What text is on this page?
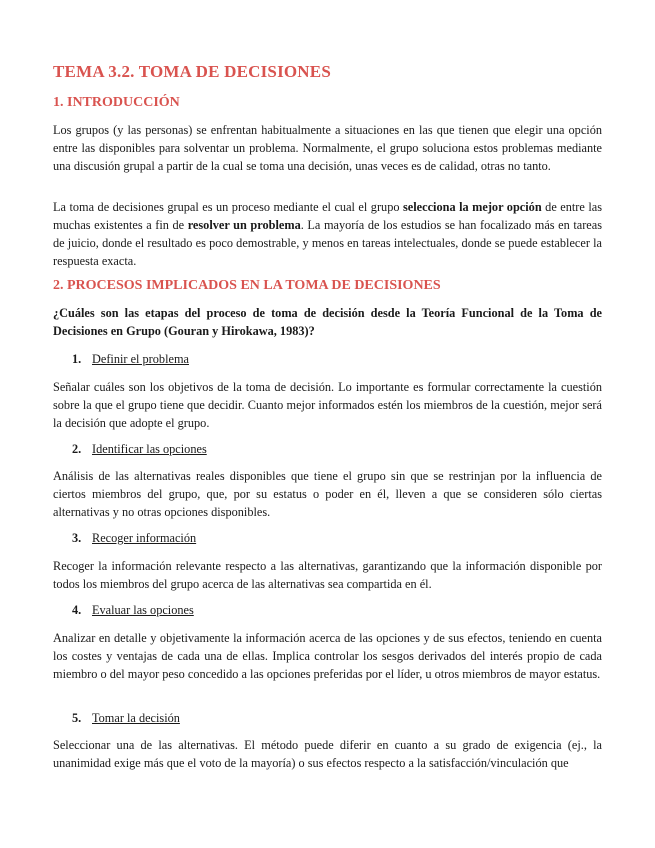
TEMA 3.2. TOMA DE DECISIONES
1. INTRODUCCIÓN

Los grupos (y las personas) se enfrentan habitualmente a situaciones en las que tienen que elegir una opción entre las disponibles para solventar un problema. Normalmente, el grupo soluciona estos problemas mediante una discusión grupal a partir de la cual se toma una decisión, unas veces es de calidad, otras no tanto.

La toma de decisiones grupal es un proceso mediante el cual el grupo selecciona la mejor opción de entre las muchas existentes a fin de resolver un problema. La mayoría de los estudios se han focalizado más en tareas de juicio, donde el resultado es poco demostrable, y menos en tareas intelectuales, donde se puede establecer la respuesta exacta.

2. PROCESOS IMPLICADOS EN LA TOMA DE DECISIONES

¿Cuáles son las etapas del proceso de toma de decisión desde la Teoría Funcional de la Toma de Decisiones en Grupo (Gouran y Hirokawa, 1983)?

1. Definir el problema

Señalar cuáles son los objetivos de la toma de decisión. Lo importante es formular correctamente la cuestión sobre la que el grupo tiene que decidir. Cuanto mejor informados estén los miembros de la cuestión, mejor será la decisión que adopte el grupo.

2. Identificar las opciones

Análisis de las alternativas reales disponibles que tiene el grupo sin que se restrinjan por la influencia de ciertos miembros del grupo, que, por su estatus o poder en él, lleven a que se consideren sólo ciertas alternativas y no otras opciones disponibles.

3. Recoger información

Recoger la información relevante respecto a las alternativas, garantizando que la información disponible por todos los miembros del grupo acerca de las alternativas sea compartida en él.

4. Evaluar las opciones

Analizar en detalle y objetivamente la información acerca de las opciones y de sus efectos, teniendo en cuenta los costes y ventajas de cada una de ellas. Implica controlar los sesgos derivados del interés propio de cada miembro o del mayor peso concedido a las opciones preferidas por el líder, u otros miembros de mayor estatus.

5. Tomar la decisión

Seleccionar una de las alternativas. El método puede diferir en cuanto a su grado de exigencia (ej., la unanimidad exige más que el voto de la mayoría) o sus efectos respecto a la satisfacción/vinculación que
